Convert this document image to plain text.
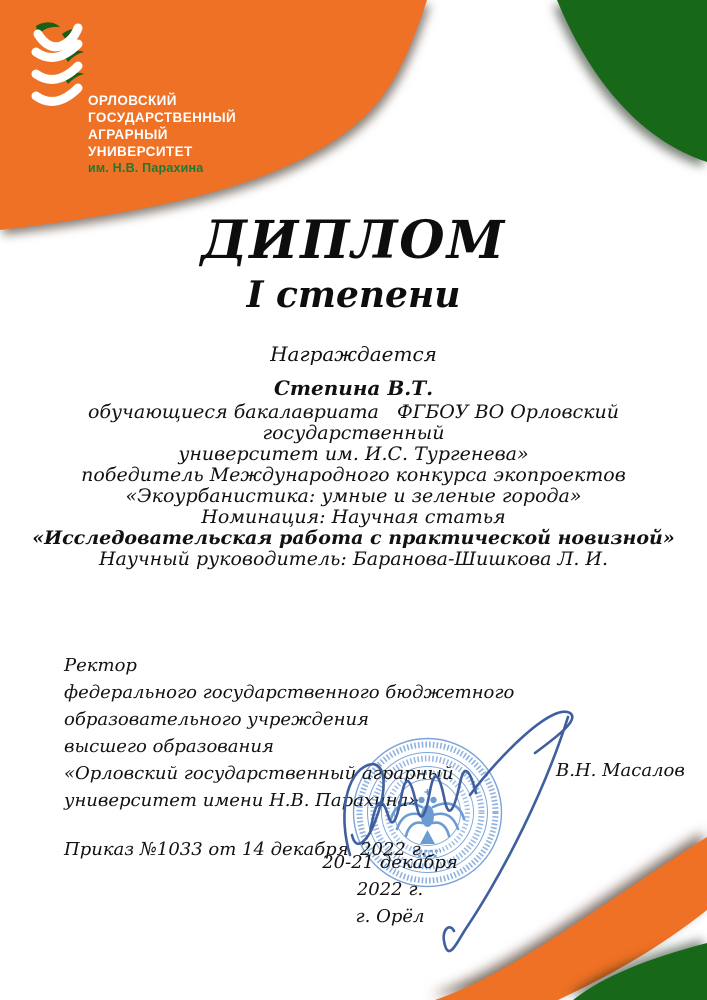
ОРЛОВСКИЙ
ГОСУДАРСТВЕННЫЙ
АГРАРНЫЙ
УНИВЕРСИТЕТ
им. Н.В. Парахина
ДИПЛОМ
I степени
Награждается
Степина В.Т.
обучающиеся бакалавриата   ФГБОУ ВО Орловский государственный
университет им. И.С. Тургенева»
победитель Международного конкурса экопроектов
«Экоурбанистика: умные и зеленые города»
Номинация: Научная статья
«Исследовательская работа с практической новизной»
Научный руководитель: Баранова-Шишкова Л. И.
Ректор
федерального государственного бюджетного
образовательного учреждения
высшего образования
«Орловский государственный аграрный
университет имени Н.В. Парахина»
Приказ №1033 от 14 декабря  2022 г.
В.Н. Масалов
20-21 декабря 2022 г.
г. Орёл
